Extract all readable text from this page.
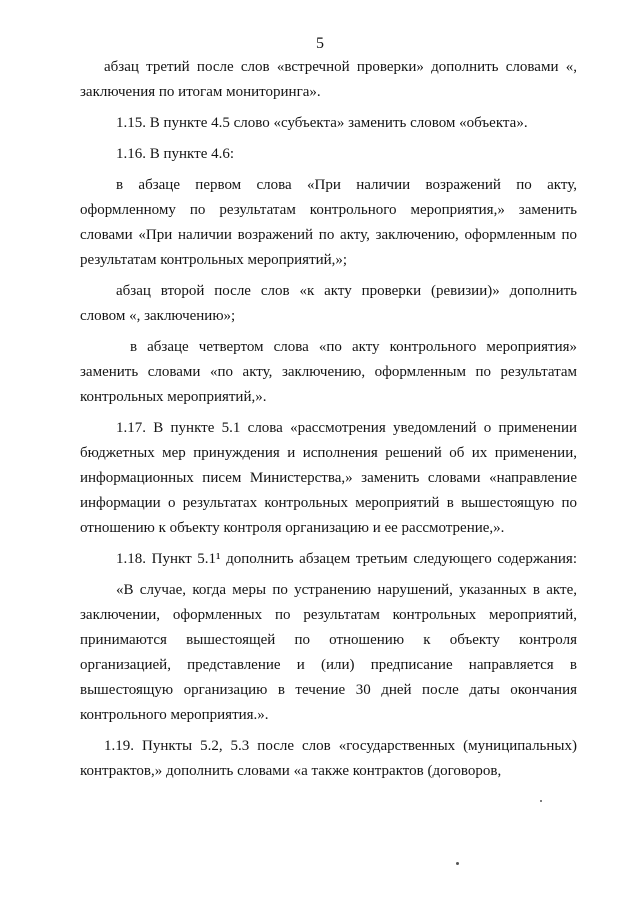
5

абзац третий после слов «встречной проверки» дополнить словами «, заключения по итогам мониторинга».

1.15. В пункте 4.5 слово «субъекта» заменить словом «объекта».

1.16. В пункте 4.6:

в абзаце первом слова «При наличии возражений по акту, оформленному по результатам контрольного мероприятия,» заменить словами «При наличии возражений по акту, заключению, оформленным по результатам контрольных мероприятий,»;

абзац второй после слов «к акту проверки (ревизии)» дополнить словом «, заключению»;

в абзаце четвертом слова «по акту контрольного мероприятия» заменить словами «по акту, заключению, оформленным по результатам контрольных мероприятий,».

1.17. В пункте 5.1 слова «рассмотрения уведомлений о применении бюджетных мер принуждения и исполнения решений об их применении, информационных писем Министерства,» заменить словами «направление информации о результатах контрольных мероприятий в вышестоящую по отношению к объекту контроля организацию и ее рассмотрение,».

1.18. Пункт 5.1¹ дополнить абзацем третьим следующего содержания:

«В случае, когда меры по устранению нарушений, указанных в акте, заключении, оформленных по результатам контрольных мероприятий, принимаются вышестоящей по отношению к объекту контроля организацией, представление и (или) предписание направляется в вышестоящую организацию в течение 30 дней после даты окончания контрольного мероприятия.».

1.19. Пункты 5.2, 5.3 после слов «государственных (муниципальных) контрактов,» дополнить словами «а также контрактов (договоров,
